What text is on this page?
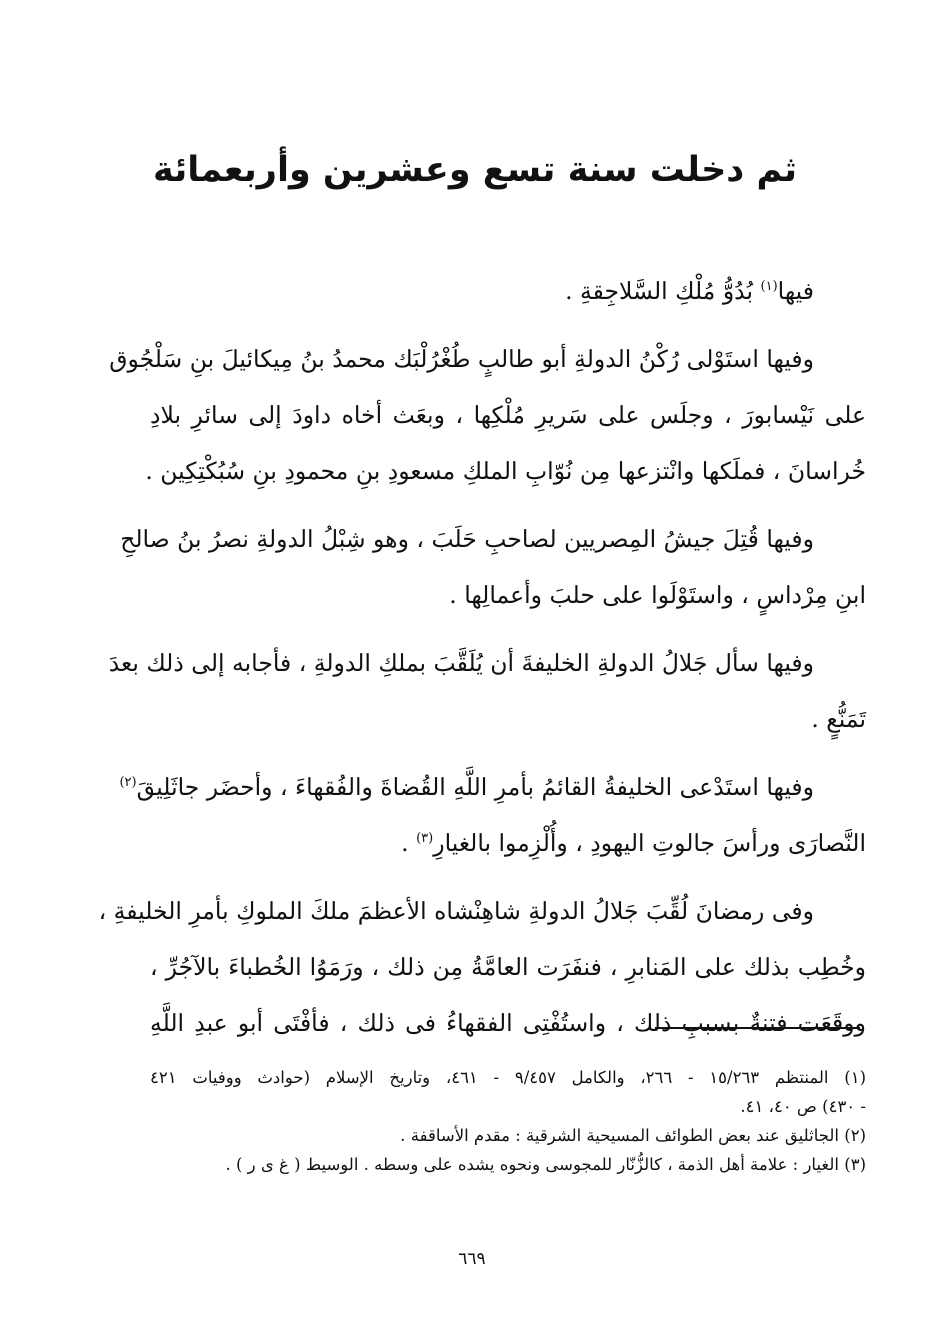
ثم دخلت سنة تسع وعشرين وأربعمائة
فيها$^{(١)}$ بُدُوُّ مُلْكِ السَّلاجِقةِ .
وفيها استَوْلى رُكْنُ الدولةِ أبو طالبٍ طُغْرُلْبَك محمدُ بنُ مِيكائيلَ بنِ سَلْجُوق
على نَيْسابورَ ، وجلَس على سَريرِ مُلْكِها ، وبعَث أخاه داودَ إلى سائرِ بلادِ
خُراسانَ ، فملَكها وانْتزعها مِن نُوّابِ الملكِ مسعودِ بنِ محمودِ بنِ سُبُكْتِكِين .
وفيها قُتِلَ جيشُ المِصريين لصاحبِ حَلَبَ ، وهو شِبْلُ الدولةِ نصرُ بنُ صالحِ
ابنِ مِرْداسٍ ، واستَوْلَوا على حلبَ وأعمالِها .
وفيها سأل جَلالُ الدولةِ الخليفةَ أن يُلَقَّبَ بملكِ الدولةِ ، فأجابه إلى ذلك بعدَ
تَمَنُّعٍ .
وفيها استَدْعى الخليفةُ القائمُ بأمرِ اللَّهِ القُضاةَ والفُقهاءَ ، وأحضَر جاثَلِيقَ$^{(٢)}$
النَّصارَى ورأسَ جالوتِ اليهودِ ، وأُلْزِموا بالغيارِ$^{(٣)}$ .
وفى رمضانَ لُقِّبَ جَلالُ الدولةِ شاهِنْشاه الأعظمَ ملكَ الملوكِ بأمرِ الخليفةِ ،
وخُطِب بذلك على المَنابرِ ، فنفَرَت العامَّةُ مِن ذلك ، ورَمَوُا الخُطباءَ بالآجُرِّ ،
ووقَعَت فتنةٌ بسببِ ذلك ، واستُفْتِى الفقهاءُ فى ذلك ، فأفْتَى أبو عبدِ اللَّهِ
(١) المنتظم ١٥/٢٦٣ - ٢٦٦، والكامل ٩/٤٥٧ - ٤٦١، وتاريخ الإسلام (حوادث ووفيات ٤٢١
- ٤٣٠) ص ٤٠، ٤١.
(٢) الجاثليق عند بعض الطوائف المسيحية الشرقية : مقدم الأساقفة .
(٣) الغيار : علامة أهل الذمة ، كالزُّنّار للمجوسى ونحوه يشده على وسطه . الوسيط ( غ ى ر ) .
٦٦٩
